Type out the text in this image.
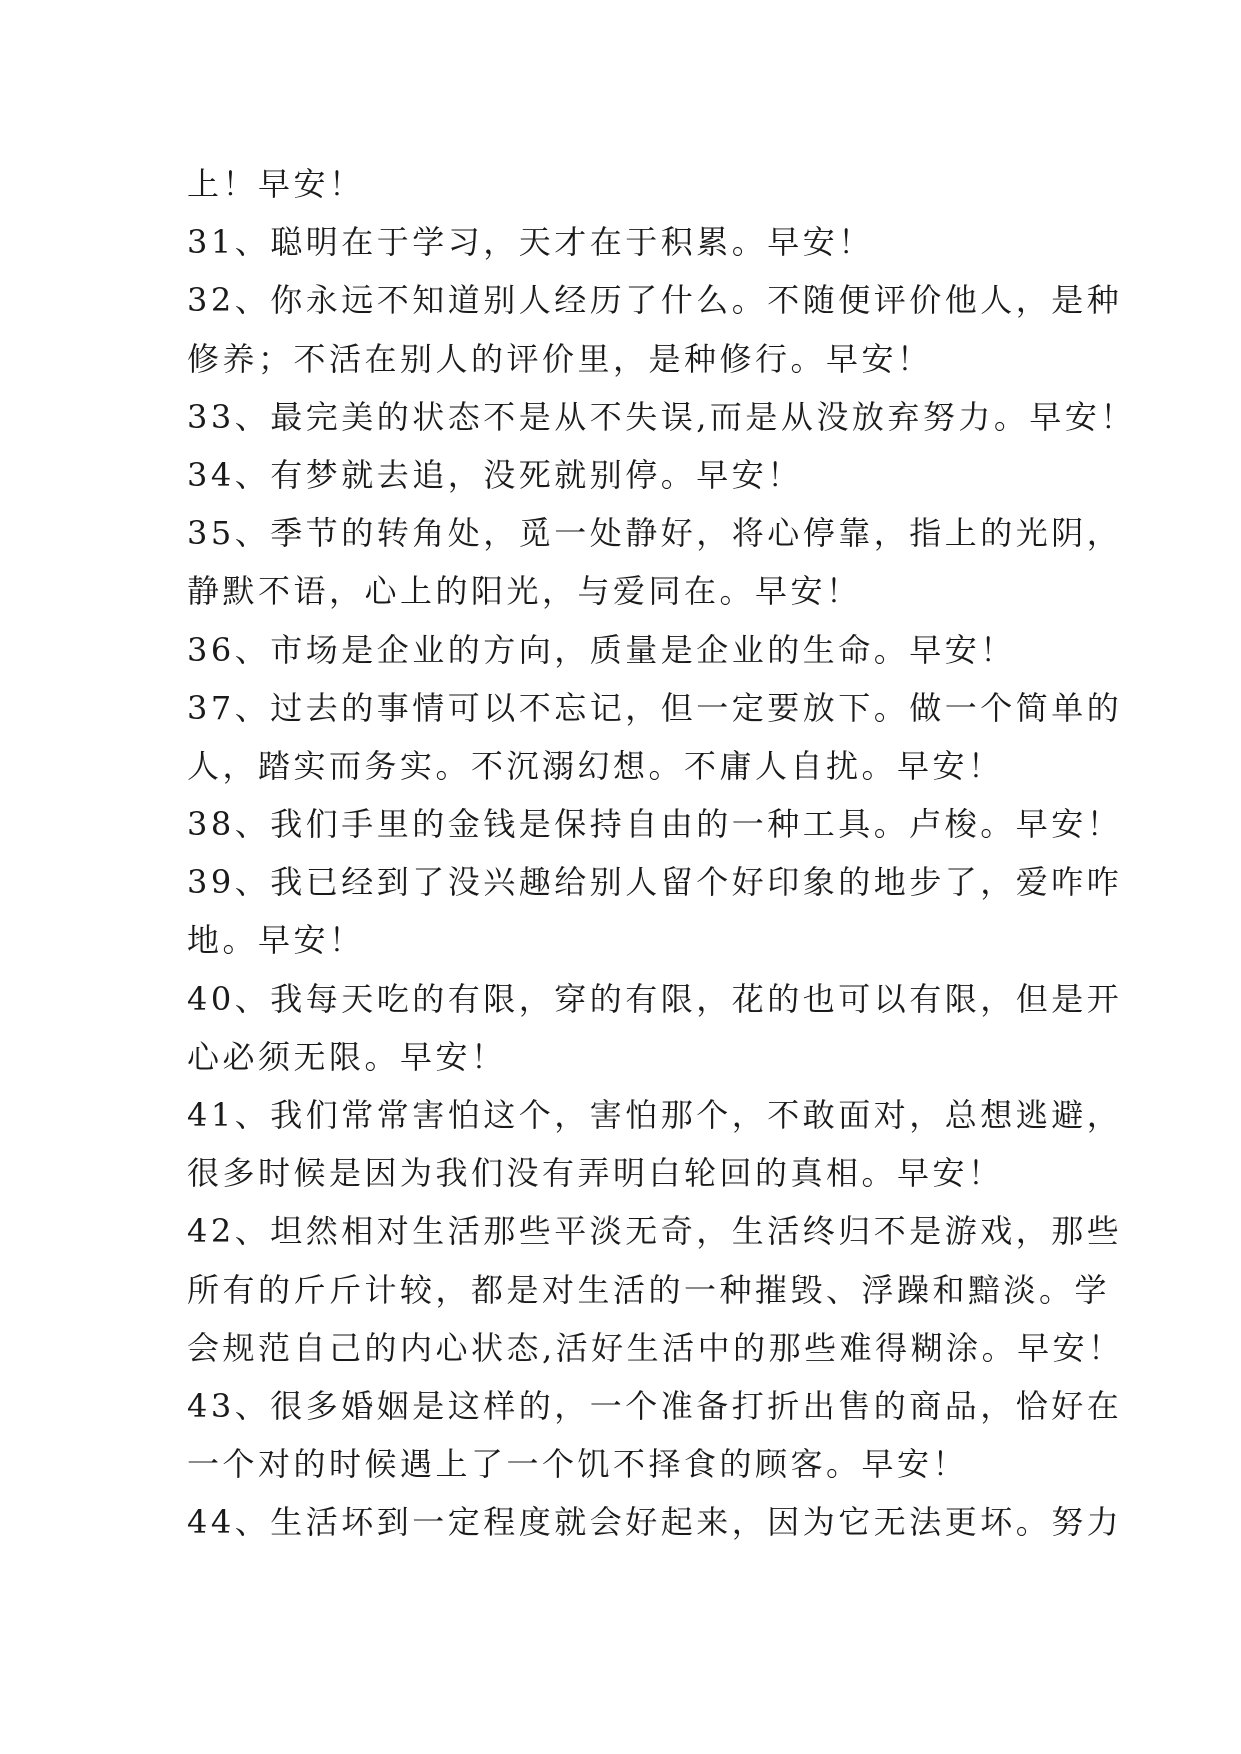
上！早安！
31、聪明在于学习，天才在于积累。早安！
32、你永远不知道别人经历了什么。不随便评价他人，是种
修养；不活在别人的评价里，是种修行。早安！
33、最完美的状态不是从不失误,而是从没放弃努力。早安！
34、有梦就去追，没死就别停。早安！
35、季节的转角处，觅一处静好，将心停靠，指上的光阴，
静默不语，心上的阳光，与爱同在。早安！
36、市场是企业的方向，质量是企业的生命。早安！
37、过去的事情可以不忘记，但一定要放下。做一个简单的
人，踏实而务实。不沉溺幻想。不庸人自扰。早安！
38、我们手里的金钱是保持自由的一种工具。卢梭。早安！
39、我已经到了没兴趣给别人留个好印象的地步了，爱咋咋
地。早安！
40、我每天吃的有限，穿的有限，花的也可以有限，但是开
心必须无限。早安！
41、我们常常害怕这个，害怕那个，不敢面对，总想逃避，
很多时候是因为我们没有弄明白轮回的真相。早安！
42、坦然相对生活那些平淡无奇，生活终归不是游戏，那些
所有的斤斤计较，都是对生活的一种摧毁、浮躁和黯淡。学
会规范自己的内心状态,活好生活中的那些难得糊涂。早安！
43、很多婚姻是这样的，一个准备打折出售的商品，恰好在
一个对的时候遇上了一个饥不择食的顾客。早安！
44、生活坏到一定程度就会好起来，因为它无法更坏。努力
